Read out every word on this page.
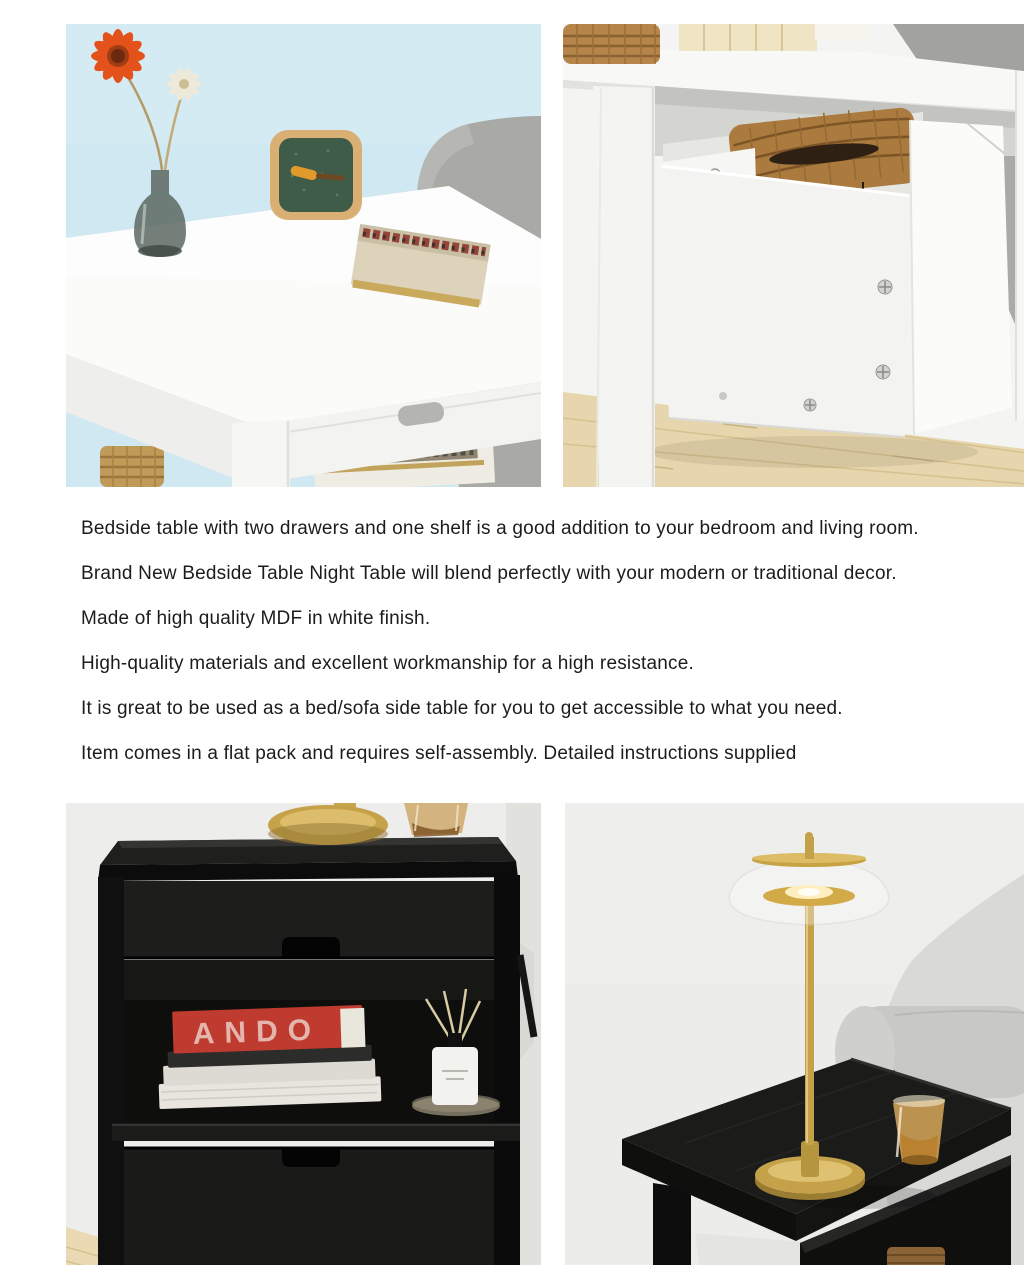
Bedside table with two drawers and one shelf is a good addition to your bedroom and living room.

Brand New Bedside Table Night Table will blend perfectly with your modern or traditional decor.

Made of high quality MDF in white finish.

High-quality materials and excellent workmanship for a high resistance.

It is great to be used as a bed/sofa side table for you to get accessible to what you need.

Item comes in a flat pack and requires self-assembly. Detailed instructions supplied

ANDO
